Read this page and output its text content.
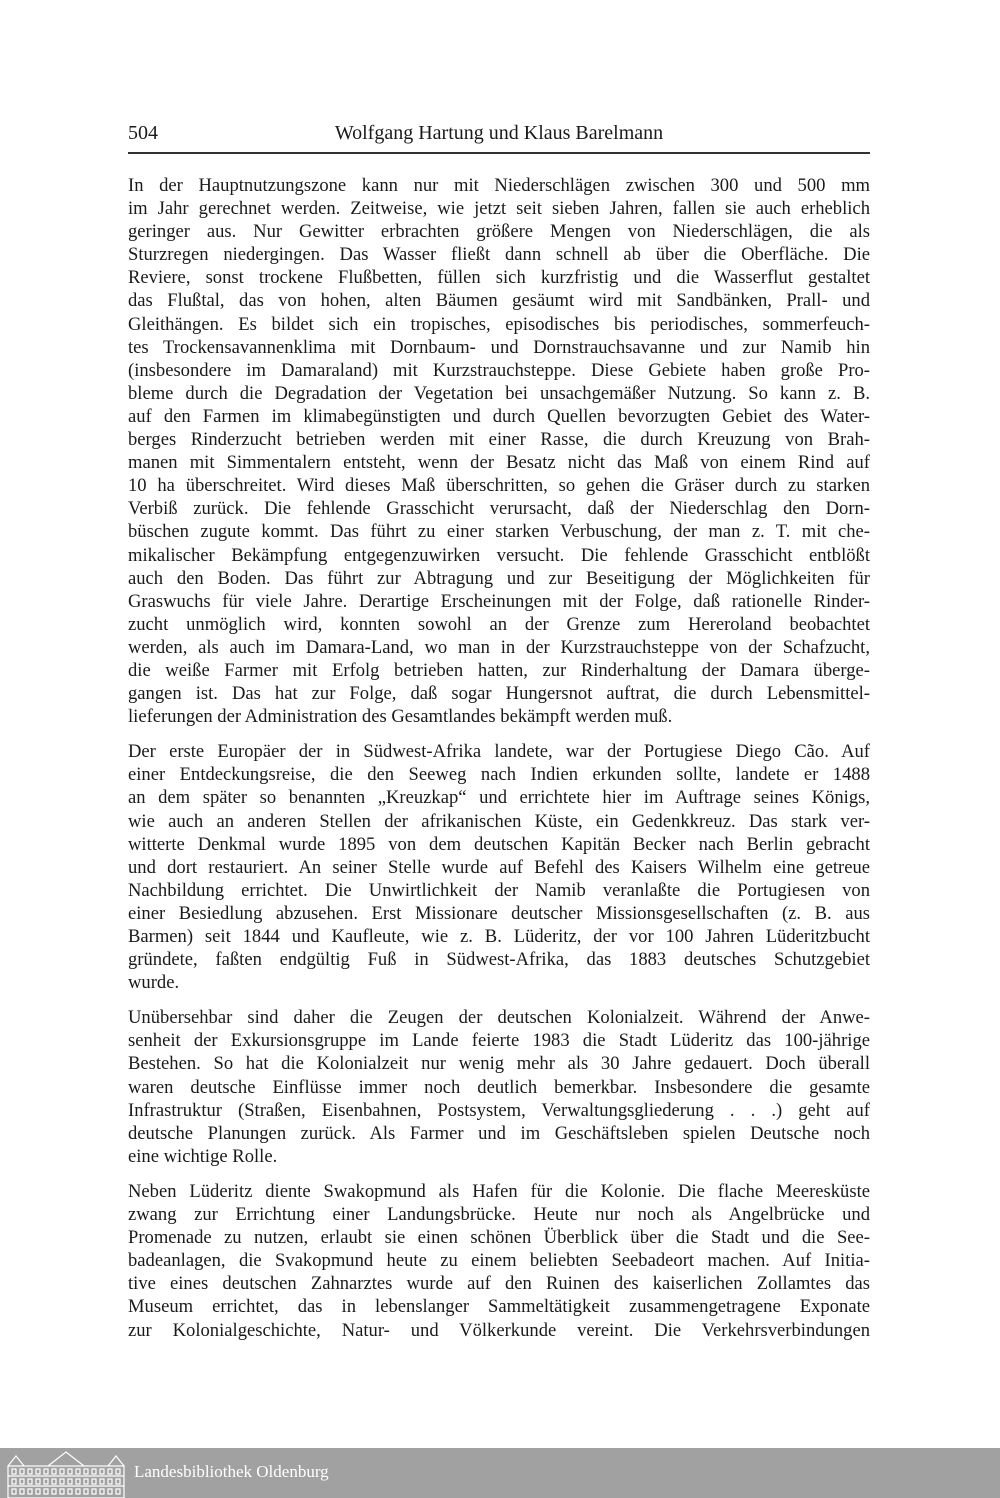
504	Wolfgang Hartung und Klaus Barelmann
In der Hauptnutzungszone kann nur mit Niederschlägen zwischen 300 und 500 mm
im Jahr gerechnet werden. Zeitweise, wie jetzt seit sieben Jahren, fallen sie auch erheblich
geringer aus. Nur Gewitter erbrachten größere Mengen von Niederschlägen, die als
Sturzregen niedergingen. Das Wasser fließt dann schnell ab über die Oberfläche. Die
Reviere, sonst trockene Flußbetten, füllen sich kurzfristig und die Wasserflut gestaltet
das Flußtal, das von hohen, alten Bäumen gesäumt wird mit Sandbänken, Prall- und
Gleithängen. Es bildet sich ein tropisches, episodisches bis periodisches, sommerfeuch-
tes Trockensavannenklima mit Dornbaum- und Dornstrauchsavanne und zur Namib hin
(insbesondere im Damaraland) mit Kurzstrauchsteppe. Diese Gebiete haben große Pro-
bleme durch die Degradation der Vegetation bei unsachgemäßer Nutzung. So kann z. B.
auf den Farmen im klimabegünstigten und durch Quellen bevorzugten Gebiet des Water-
berges Rinderzucht betrieben werden mit einer Rasse, die durch Kreuzung von Brah-
manen mit Simmentalern entsteht, wenn der Besatz nicht das Maß von einem Rind auf
10 ha überschreitet. Wird dieses Maß überschritten, so gehen die Gräser durch zu starken
Verbiß zurück. Die fehlende Grasschicht verursacht, daß der Niederschlag den Dorn-
büschen zugute kommt. Das führt zu einer starken Verbuschung, der man z. T. mit che-
mikalischer Bekämpfung entgegenzuwirken versucht. Die fehlende Grasschicht entblößt
auch den Boden. Das führt zur Abtragung und zur Beseitigung der Möglichkeiten für
Graswuchs für viele Jahre. Derartige Erscheinungen mit der Folge, daß rationelle Rinder-
zucht unmöglich wird, konnten sowohl an der Grenze zum Hereroland beobachtet
werden, als auch im Damara-Land, wo man in der Kurzstrauchsteppe von der Schafzucht,
die weiße Farmer mit Erfolg betrieben hatten, zur Rinderhaltung der Damara überge-
gangen ist. Das hat zur Folge, daß sogar Hungersnot auftrat, die durch Lebensmittel-
lieferungen der Administration des Gesamtlandes bekämpft werden muß.
Der erste Europäer der in Südwest-Afrika landete, war der Portugiese Diego Cão. Auf
einer Entdeckungsreise, die den Seeweg nach Indien erkunden sollte, landete er 1488
an dem später so benannten „Kreuzkap“ und errichtete hier im Auftrage seines Königs,
wie auch an anderen Stellen der afrikanischen Küste, ein Gedenkkreuz. Das stark ver-
witterte Denkmal wurde 1895 von dem deutschen Kapitän Becker nach Berlin gebracht
und dort restauriert. An seiner Stelle wurde auf Befehl des Kaisers Wilhelm eine getreue
Nachbildung errichtet. Die Unwirtlichkeit der Namib veranlaßte die Portugiesen von
einer Besiedlung abzusehen. Erst Missionare deutscher Missionsgesellschaften (z. B. aus
Barmen) seit 1844 und Kaufleute, wie z. B. Lüderitz, der vor 100 Jahren Lüderitzbucht
gründete, faßten endgültig Fuß in Südwest-Afrika, das 1883 deutsches Schutzgebiet
wurde.
Unübersehbar sind daher die Zeugen der deutschen Kolonialzeit. Während der Anwe-
senheit der Exkursionsgruppe im Lande feierte 1983 die Stadt Lüderitz das 100-jährige
Bestehen. So hat die Kolonialzeit nur wenig mehr als 30 Jahre gedauert. Doch überall
waren deutsche Einflüsse immer noch deutlich bemerkbar. Insbesondere die gesamte
Infrastruktur (Straßen, Eisenbahnen, Postsystem, Verwaltungsgliederung . . .) geht auf
deutsche Planungen zurück. Als Farmer und im Geschäftsleben spielen Deutsche noch
eine wichtige Rolle.
Neben Lüderitz diente Swakopmund als Hafen für die Kolonie. Die flache Meeresküste
zwang zur Errichtung einer Landungsbrücke. Heute nur noch als Angelbrücke und
Promenade zu nutzen, erlaubt sie einen schönen Überblick über die Stadt und die See-
badeanlagen, die Svakopmund heute zu einem beliebten Seebadeort machen. Auf Initia-
tive eines deutschen Zahnarztes wurde auf den Ruinen des kaiserlichen Zollamtes das
Museum errichtet, das in lebenslanger Sammeltätigkeit zusammengetragene Exponate
zur Kolonialgeschichte, Natur- und Völkerkunde vereint. Die Verkehrsverbindungen
Landesbibliothek Oldenburg
